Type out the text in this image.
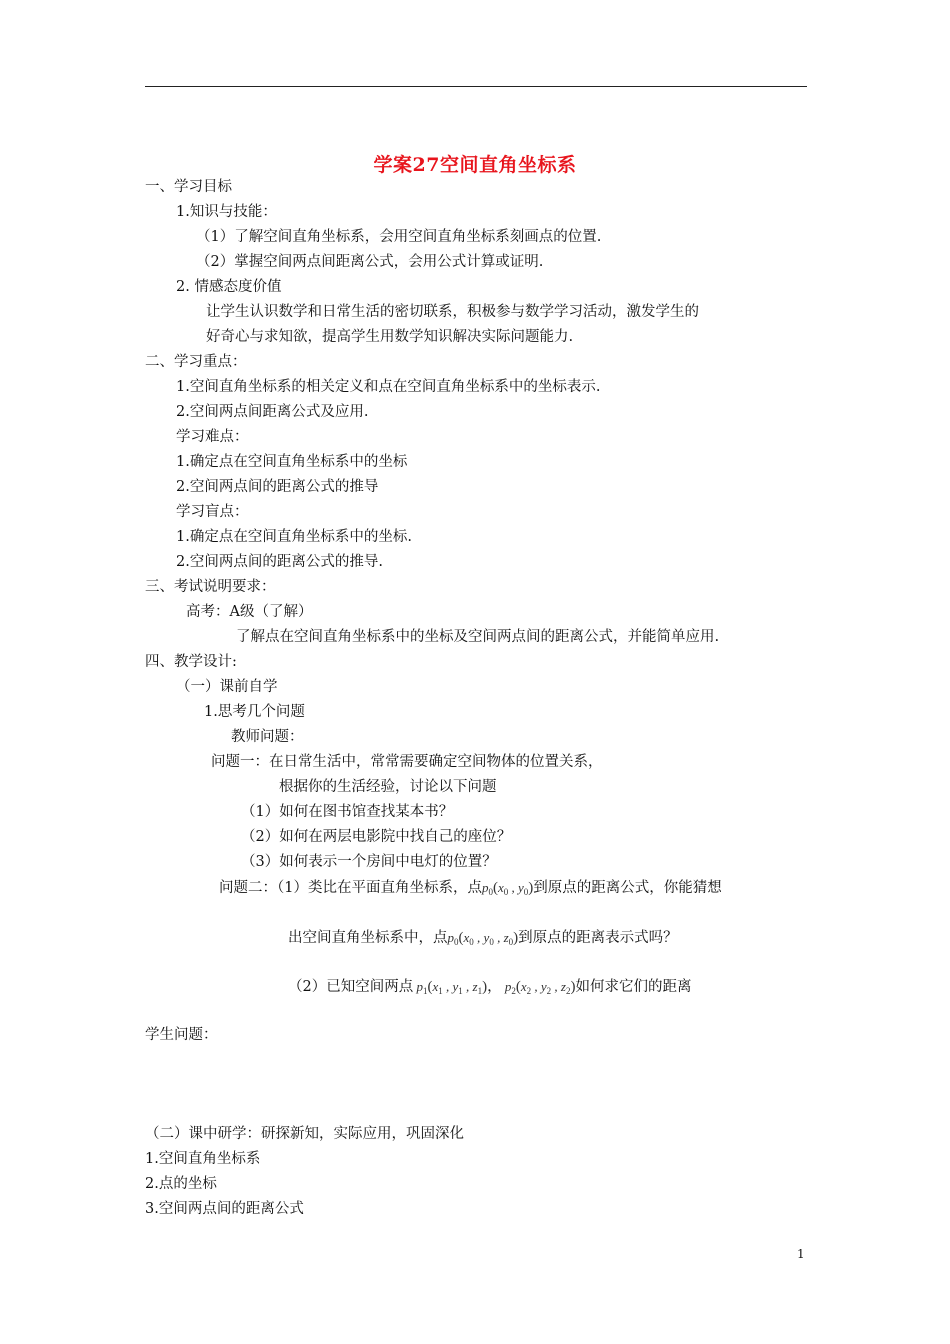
学案27空间直角坐标系
一、学习目标
1.知识与技能：
（1）了解空间直角坐标系，会用空间直角坐标系刻画点的位置.
（2）掌握空间两点间距离公式，会用公式计算或证明.
2. 情感态度价值
让学生认识数学和日常生活的密切联系，积极参与数学学习活动，激发学生的
好奇心与求知欲，提高学生用数学知识解决实际问题能力.
二、学习重点：
1.空间直角坐标系的相关定义和点在空间直角坐标系中的坐标表示.
2.空间两点间距离公式及应用.
学习难点：
1.确定点在空间直角坐标系中的坐标
2.空间两点间的距离公式的推导
学习盲点：
1.确定点在空间直角坐标系中的坐标.
2.空间两点间的距离公式的推导.
三、考试说明要求：
高考：A级（了解）
了解点在空间直角坐标系中的坐标及空间两点间的距离公式，并能简单应用.
四、教学设计:
（一）课前自学
1.思考几个问题
教师问题：
问题一：在日常生活中，常常需要确定空间物体的位置关系，
根据你的生活经验，讨论以下问题
（1）如何在图书馆查找某本书？
（2）如何在两层电影院中找自己的座位？
（3）如何表示一个房间中电灯的位置？
问题二：（1）类比在平面直角坐标系，点$p_0(x_0$ , $y_0$)到原点的距离公式，你能猜想
出空间直角坐标系中，点$p_0(x_0$ , $y_0$ , $z_0$)到原点的距离表示式吗？
（2）已知空间两点 $p_1(x_1$ , $y_1$ , $z_1$)， $p_2(x_2$ , $y_2$ , $z_2$)如何求它们的距离
学生问题：
（二）课中研学：研探新知，实际应用，巩固深化
1.空间直角坐标系
2.点的坐标
3.空间两点间的距离公式
1
